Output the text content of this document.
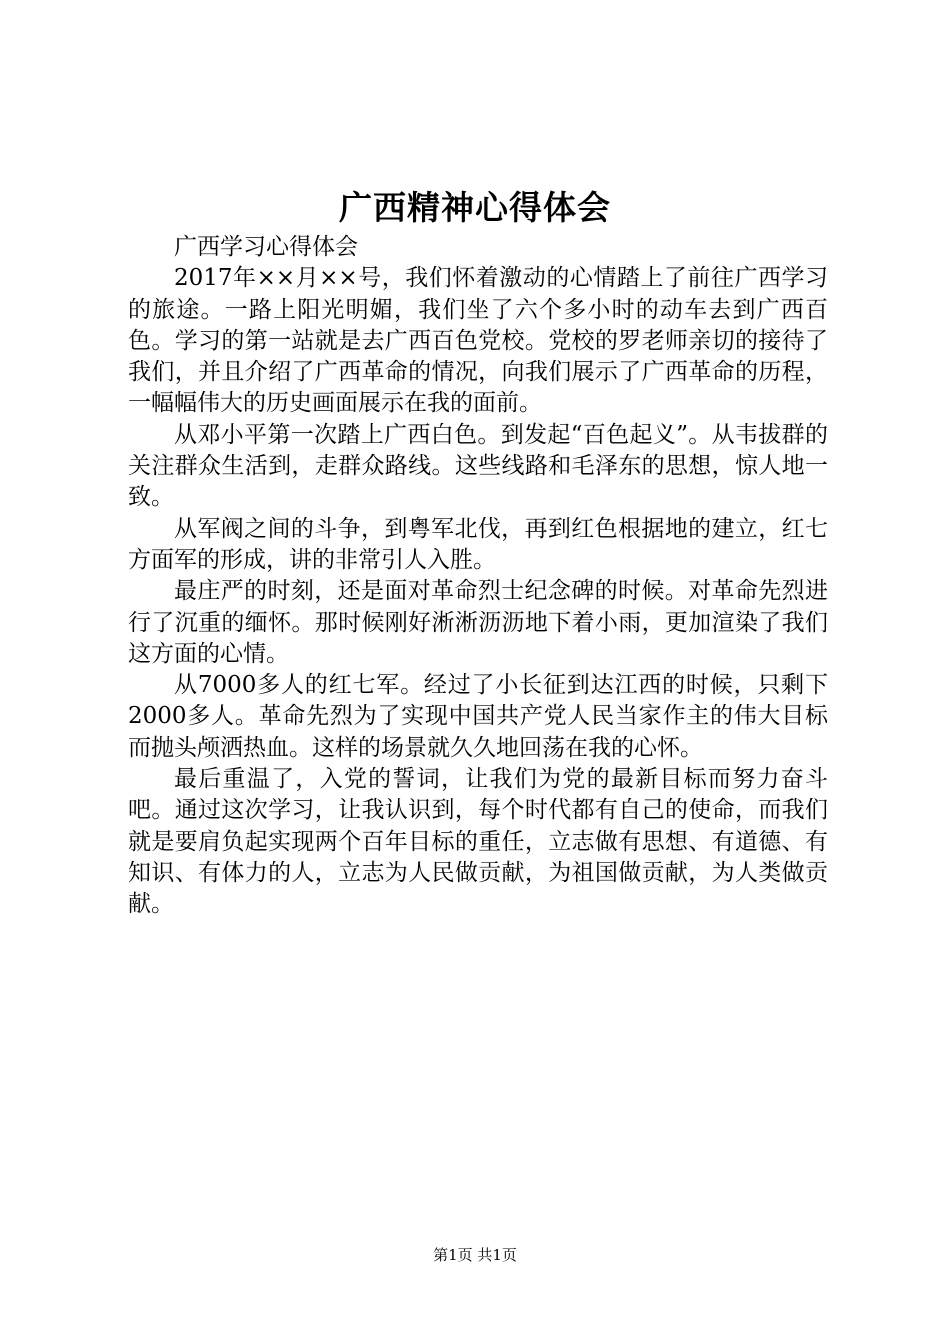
广西精神心得体会

广西学习心得体会

2017年××月××号，我们怀着激动的心情踏上了前往广西学习的旅途。一路上阳光明媚，我们坐了六个多小时的动车去到广西百色。学习的第一站就是去广西百色党校。党校的罗老师亲切的接待了我们，并且介绍了广西革命的情况，向我们展示了广西革命的历程，一幅幅伟大的历史画面展示在我的面前。

从邓小平第一次踏上广西白色。到发起“百色起义”。从韦拔群的关注群众生活到，走群众路线。这些线路和毛泽东的思想，惊人地一致。

从军阀之间的斗争，到粤军北伐，再到红色根据地的建立，红七方面军的形成，讲的非常引人入胜。

最庄严的时刻，还是面对革命烈士纪念碑的时候。对革命先烈进行了沉重的缅怀。那时候刚好淅淅沥沥地下着小雨，更加渲染了我们这方面的心情。

从7000多人的红七军。经过了小长征到达江西的时候，只剩下2000多人。革命先烈为了实现中国共产党人民当家作主的伟大目标而抛头颅洒热血。这样的场景就久久地回荡在我的心怀。

最后重温了，入党的誓词，让我们为党的最新目标而努力奋斗吧。通过这次学习，让我认识到，每个时代都有自己的使命，而我们就是要肩负起实现两个百年目标的重任，立志做有思想、有道德、有知识、有体力的人，立志为人民做贡献，为祖国做贡献，为人类做贡献。

第1页 共1页
